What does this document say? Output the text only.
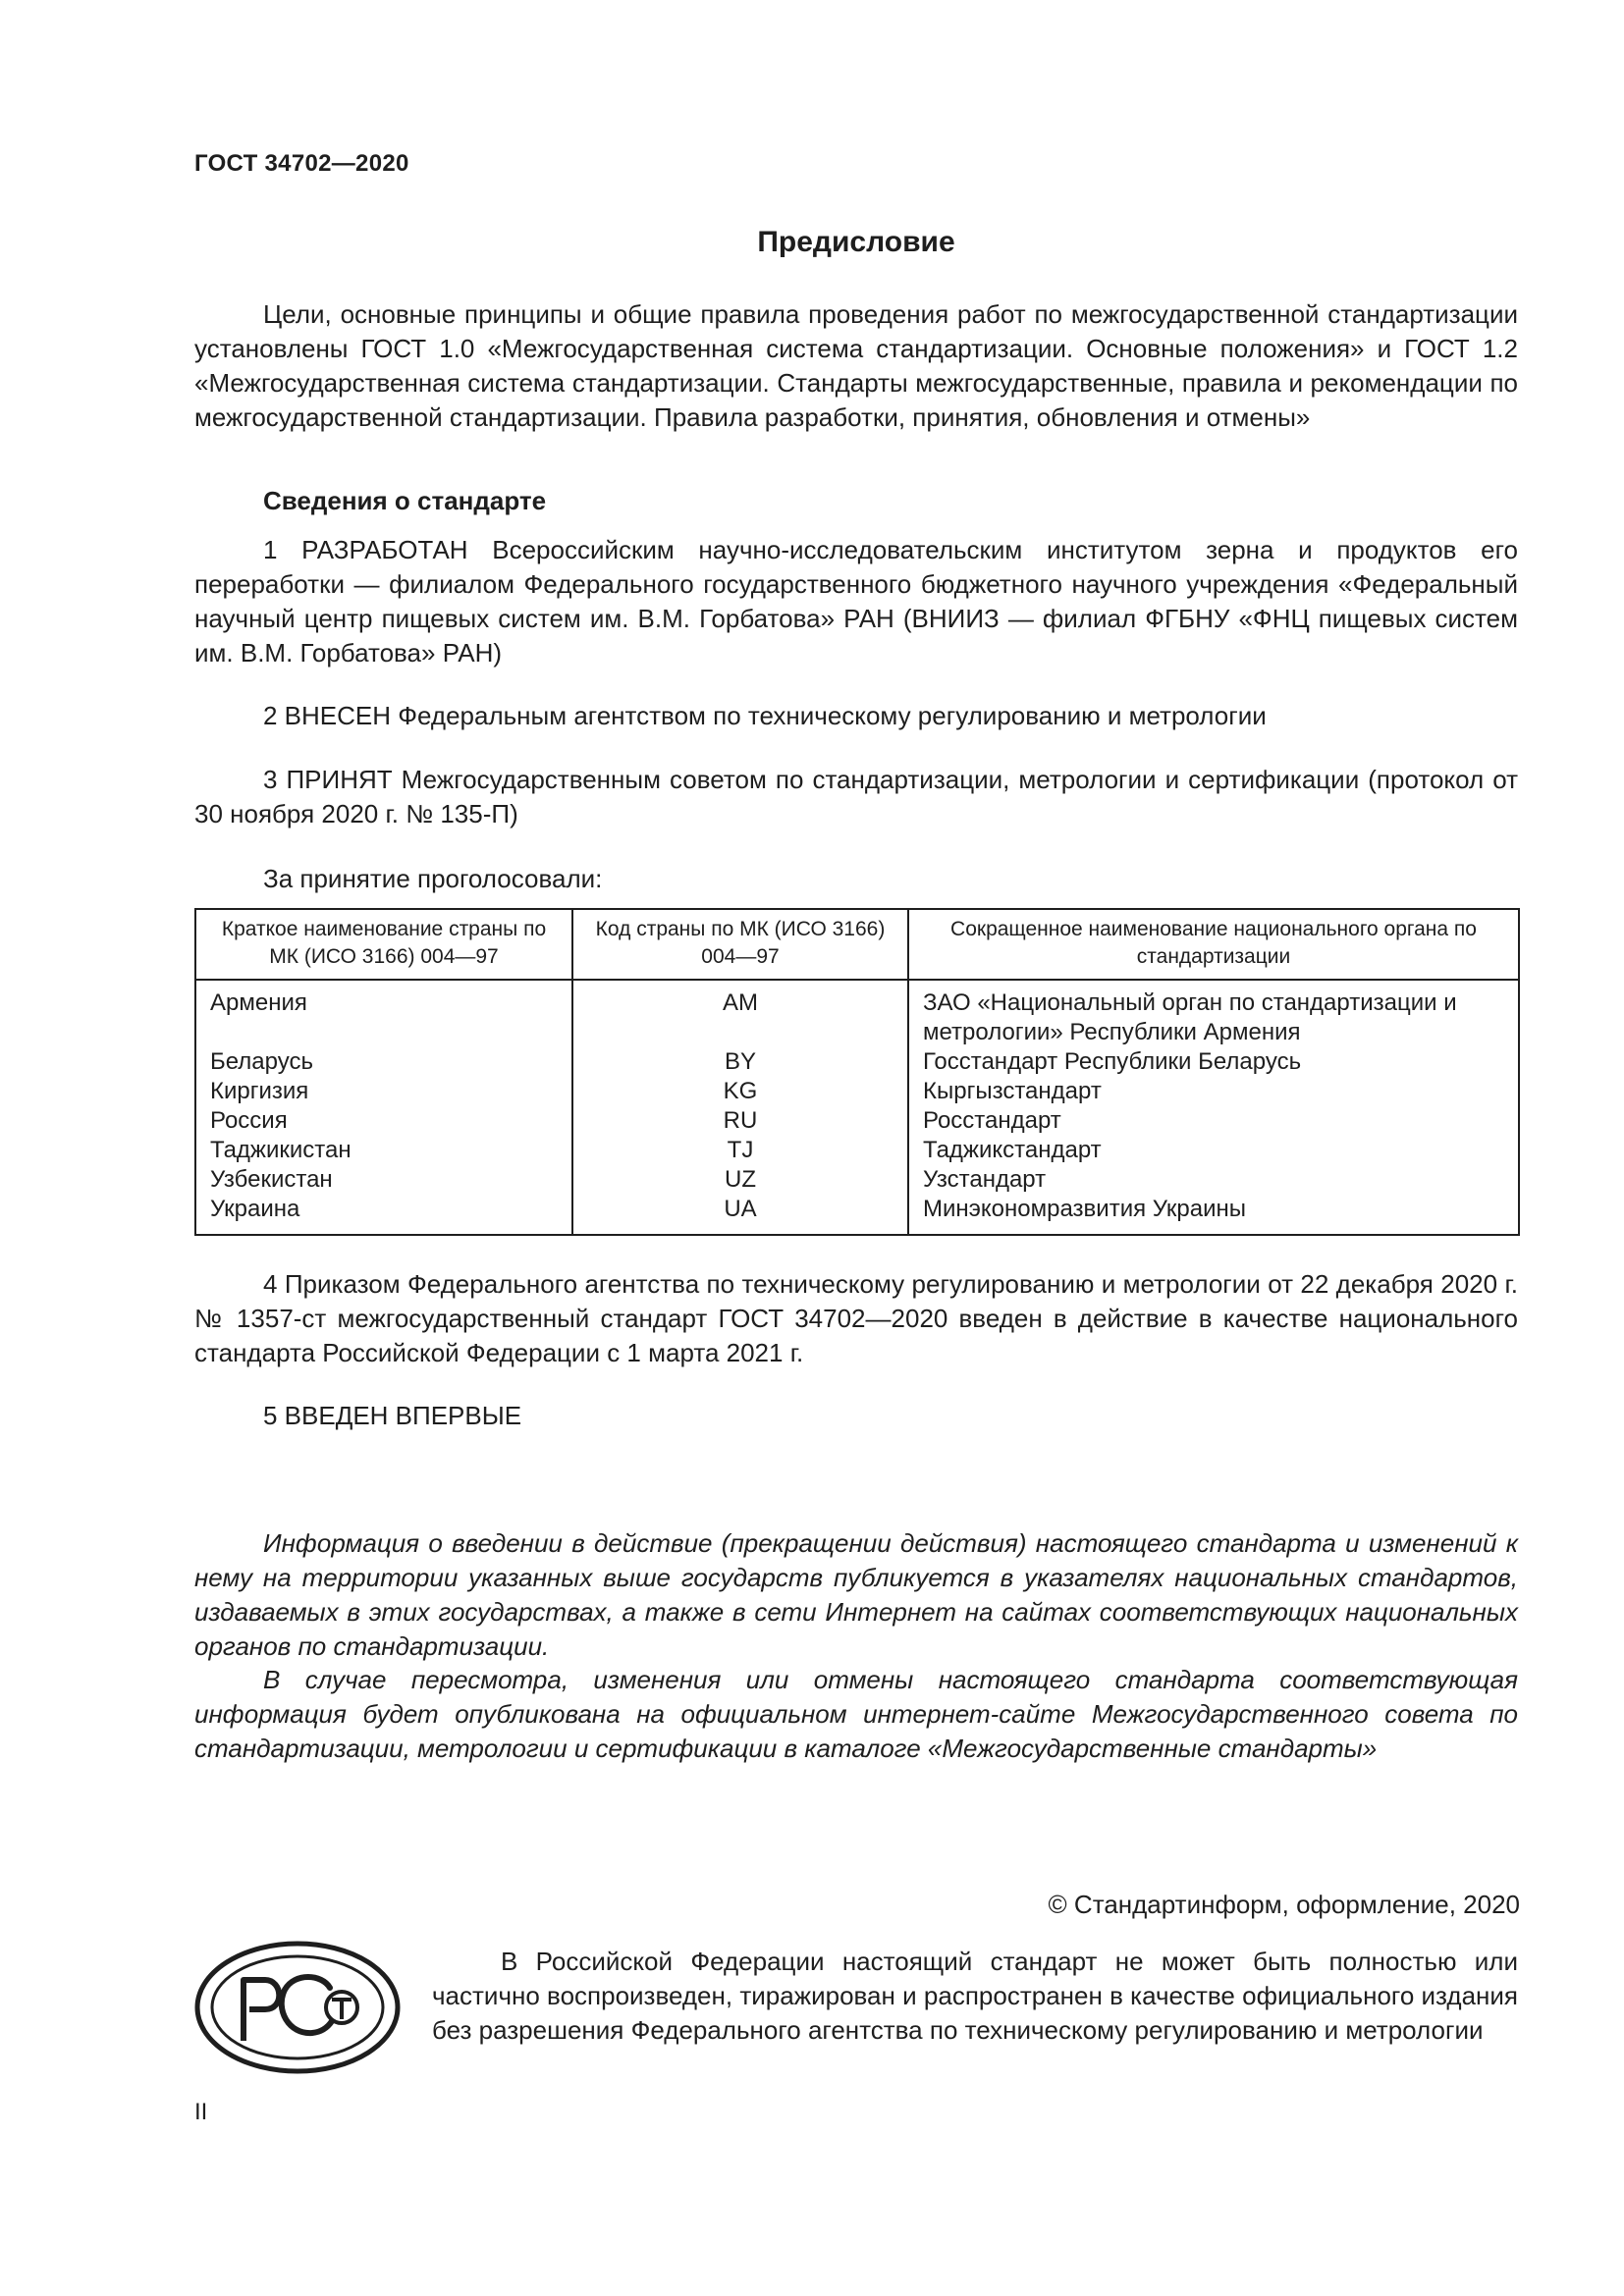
ГОСТ 34702—2020
Предисловие

Цели, основные принципы и общие правила проведения работ по межгосударственной стандартизации установлены ГОСТ 1.0 «Межгосударственная система стандартизации. Основные положения» и ГОСТ 1.2 «Межгосударственная система стандартизации. Стандарты межгосударственные, правила и рекомендации по межгосударственной стандартизации. Правила разработки, принятия, обновления и отмены»

Сведения о стандарте

1 РАЗРАБОТАН Всероссийским научно-исследовательским институтом зерна и продуктов его переработки — филиалом Федерального государственного бюджетного научного учреждения «Федеральный научный центр пищевых систем им. В.М. Горбатова» РАН (ВНИИЗ — филиал ФГБНУ «ФНЦ пищевых систем им. В.М. Горбатова» РАН)

2 ВНЕСЕН Федеральным агентством по техническому регулированию и метрологии

3 ПРИНЯТ Межгосударственным советом по стандартизации, метрологии и сертификации (протокол от 30 ноября 2020 г. № 135-П)

За принятие проголосовали:

Краткое наименование страны по МК (ИСО 3166) 004—97	Код страны по МК (ИСО 3166) 004—97	Сокращенное наименование национального органа по стандартизации
Армения	AM	ЗАО «Национальный орган по стандартизации и метрологии» Республики Армения
Беларусь	BY	Госстандарт Республики Беларусь
Киргизия	KG	Кыргызстандарт
Россия	RU	Росстандарт
Таджикистан	TJ	Таджикстандарт
Узбекистан	UZ	Узстандарт
Украина	UA	Минэкономразвития Украины

4 Приказом Федерального агентства по техническому регулированию и метрологии от 22 декабря 2020 г. № 1357-ст межгосударственный стандарт ГОСТ 34702—2020 введен в действие в качестве национального стандарта Российской Федерации с 1 марта 2021 г.

5 ВВЕДЕН ВПЕРВЫЕ

Информация о введении в действие (прекращении действия) настоящего стандарта и изменений к нему на территории указанных выше государств публикуется в указателях национальных стандартов, издаваемых в этих государствах, а также в сети Интернет на сайтах соответствующих национальных органов по стандартизации.

В случае пересмотра, изменения или отмены настоящего стандарта соответствующая информация будет опубликована на официальном интернет-сайте Межгосударственного совета по стандартизации, метрологии и сертификации в каталоге «Межгосударственные стандарты»

© Стандартинформ, оформление, 2020

В Российской Федерации настоящий стандарт не может быть полностью или частично воспроизведен, тиражирован и распространен в качестве официального издания без разрешения Федерального агентства по техническому регулированию и метрологии

II
